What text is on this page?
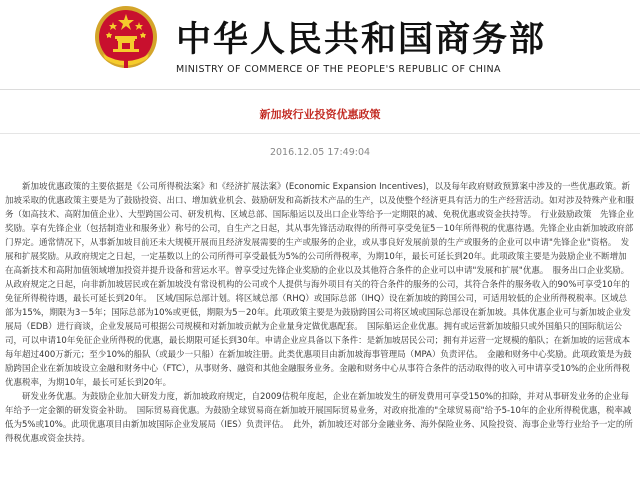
中华人民共和国商务部
MINISTRY OF COMMERCE OF THE PEOPLE'S REPUBLIC OF CHINA
新加坡行业投资优惠政策
2016.12.05 17:49:04

新加坡优惠政策的主要依据是《公司所得税法案》和《经济扩展法案》(Economic Expansion Incentives)，以及每年政府财政预算案中涉及的一些优惠政策。新加坡采取的优惠政策主要是为了鼓励投资、出口、增加就业机会、鼓励研发和高新技术产品的生产，以及使整个经济更具有活力的生产经营活动。如对涉及特殊产业和服务（如高技术、高附加值企业）、大型跨国公司、研发机构、区域总部、国际船运以及出口企业等给予一定期限的减、免税优惠或资金扶持等。　行业鼓励政策　先锋企业奖励。享有先锋企业（包括制造业和服务业）称号的公司，自生产之日起，其从事先锋活动取得的所得可享受免征5－10年所得税的优惠待遇。先锋企业由新加坡政府部门界定。通常情况下，从事新加坡目前还未大规模开展而且经济发展需要的生产或服务的企业，或从事良好发展前景的生产或服务的企业可以申请"先锋企业"资格。　发展和扩展奖励。从政府规定之日起，一定基数以上的公司所得可享受最低为5%的公司所得税率，为期10年，最长可延长到20年。此项政策主要是为鼓励企业不断增加在高新技术和高附加值领域增加投资并提升设备和营运水平。曾享受过先锋企业奖励的企业以及其他符合条件的企业可以申请"发展和扩展"优惠。　服务出口企业奖励。从政府规定之日起，向非新加坡居民或在新加坡没有常设机构的公司或个人提供与海外项目有关的符合条件的服务的公司，其符合条件的服务收入的90%可享受10年的免征所得税待遇，最长可延长到20年。　区域/国际总部计划。将区域总部（RHQ）或国际总部（IHQ）设在新加坡的跨国公司，可适用较低的企业所得税税率。区域总部为15%，期限为3－5年；国际总部为10%或更低，期限为5－20年。此项政策主要是为鼓励跨国公司将区域或国际总部设在新加坡。具体优惠企业可与新加坡企业发展局（EDB）进行商谈，企业发展局可根据公司规模和对新加坡贡献为企业量身定做优惠配套。　国际船运企业优惠。拥有或运营新加坡船只或外国船只的国际航运公司，可以申请10年免征企业所得税的优惠，最长期限可延长到30年。申请企业应具备以下条件：是新加坡居民公司；拥有并运营一定规模的船队；在新加坡的运营成本每年超过400万新元；至少10%的船队（或最少一只船）在新加坡注册。此类优惠项目由新加坡海事管理局（MPA）负责评估。　金融和财务中心奖励。此项政策是为鼓励跨国企业在新加坡设立金融和财务中心（FTC），从事财务、融资和其他金融服务业务。金融和财务中心从事符合条件的活动取得的收入可申请享受10%的企业所得税优惠税率，为期10年，最长可延长到20年。

研发业务优惠。为鼓励企业加大研发力度，新加坡政府规定，自2009估税年度起，企业在新加坡发生的研发费用可享受150%的扣除，并对从事研发业务的企业每年给予一定金额的研发资金补助。　国际贸易商优惠。为鼓励全球贸易商在新加坡开展国际贸易业务，对政府批准的"全球贸易商"给予5-10年的企业所得税优惠，税率减低为5%或10%。此项优惠项目由新加坡国际企业发展局（IES）负责评估。　此外，新加坡还对部分金融业务、海外保险业务、风险投资、海事企业等行业给予一定的所得税优惠或资金扶持。
